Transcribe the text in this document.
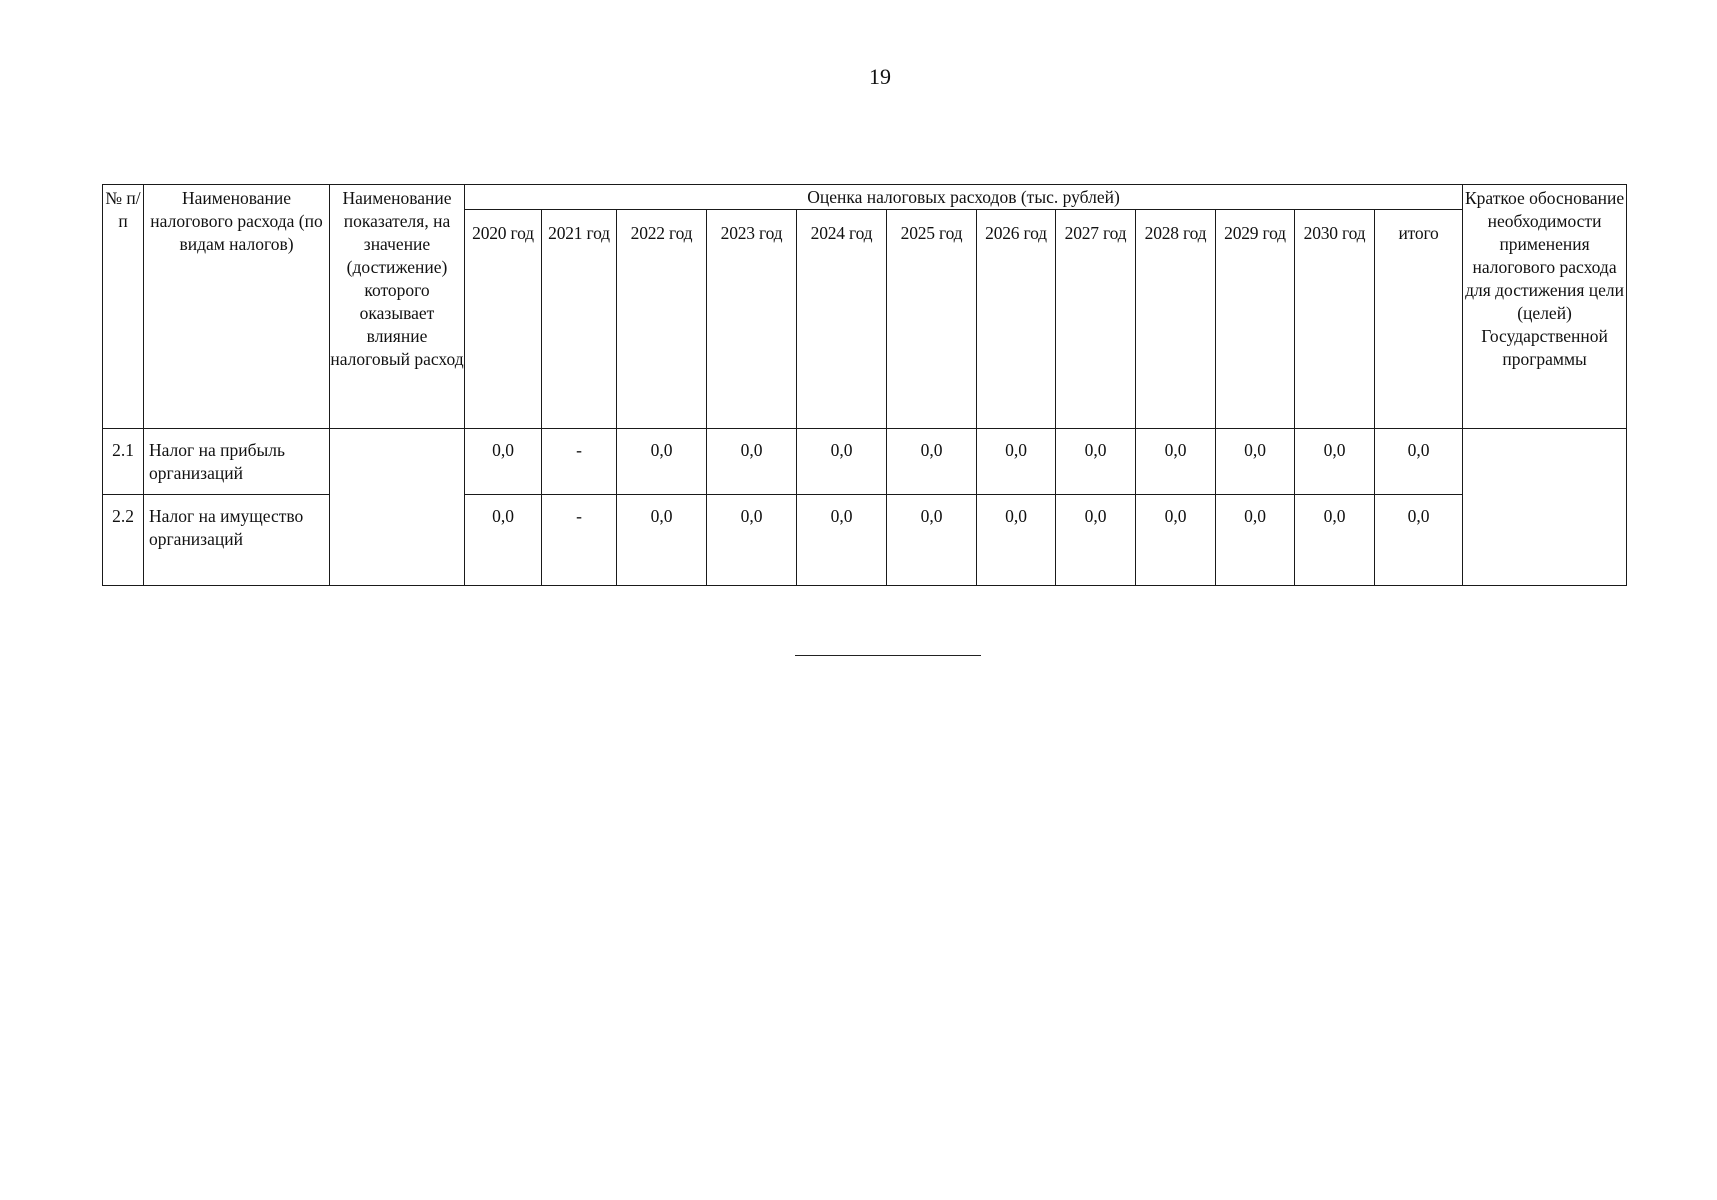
19
№ п/п	Наименование налогового расхода (по видам налогов)	Наименование показателя, на значение (достижение) которого оказывает влияние налоговый расход	Оценка налоговых расходов (тыс. рублей)												Краткое обоснование необходимости применения налогового расхода для достижения цели (целей) Государственной программы
			2020 год	2021 год	2022 год	2023 год	2024 год	2025 год	2026 год	2027 год	2028 год	2029 год	2030 год	итого	
2.1	Налог на прибыль организаций		0,0	-	0,0	0,0	0,0	0,0	0,0	0,0	0,0	0,0	0,0	0,0	
2.2	Налог на имущество организаций		0,0	-	0,0	0,0	0,0	0,0	0,0	0,0	0,0	0,0	0,0	0,0	
